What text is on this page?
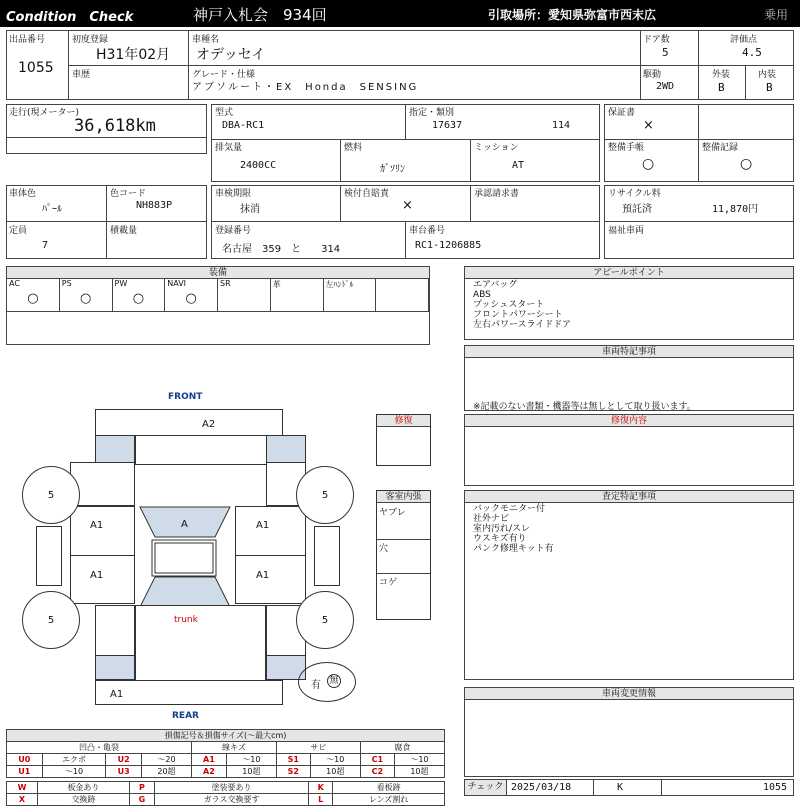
Condition　Check	神戸入札会　934回	引取場所：愛知県弥富市西末広	乗用
出品番号
1055
初度登録
H31年02月
車種名
オデッセイ
ドア数
5
評価点
4.5
車歴	グレード・仕様
アブソルート・EX　Honda　SENSING
駆動
2WD
外装
B
内装
B
走行(現メーター)
36,618km
型式
DBA-RC1
指定・類別
17637	114
排気量
2400CC
燃料
ｶﾞｿﾘﾝ
ミッション
AT
保証書
×
整備手帳
○
整備記録
○
車体色
ﾊﾟｰﾙ
色コード
NH883P
定員
7
積載量
車検期限
抹消
検付自賠責
×
承認請求書
登録番号
名古屋　359　と　　314
車台番号
RC1-1206885
リサイクル料
預託済	11,870円
福祉車両
装備
AC
○
PS
○
PW
○
NAVI
○
SR	革	左ﾊﾝﾄﾞﾙ
アピールポイント
エアバッグ
ABS
プッシュスタート
フロントパワーシート
左右パワースライドドア
車両特記事項
※記載のない書類・機器等は無しとして取り扱います。
修復内容
査定特記事項
バックモニター付
社外ナビ
室内汚れ/スレ
ウスキズ有り
パンク修理キット有
車両変更情報
FRONT
A2
A1
A1
A1
A1
A
trunk
A1
REAR
5	5
5	5
修復
客室内張
ヤブレ
穴
コゲ
有 無
損傷記号＆損傷サイズ(〜最大cm)									
凹凸・亀裂				線キズ		サビ		腐食	
U0	エクボ	U2	〜20	A1	〜10	S1	〜10	C1	〜10
U1	〜10	U3	20超	A2	10超	S2	10超	C2	10超
W	板金あり	P	塗装要あり	K	看板跡
X	交換跡	G	ガラス交換要す	L	レンズ割れ
チェック 2025/03/18	K	1055
